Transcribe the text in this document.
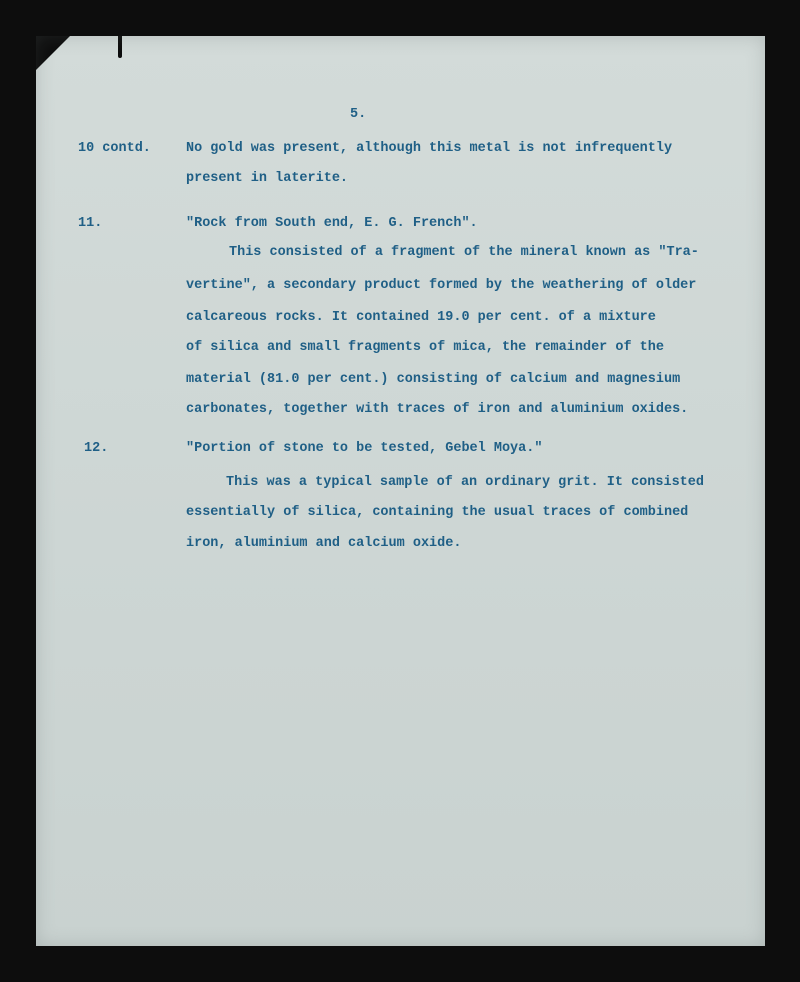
5.
10 contd.	No gold was present, although this metal is not infrequently
present in laterite.
11.	"Rock from South end, E. G. French".
This consisted of a fragment of the mineral known as "Tra-
vertine", a secondary product formed by the weathering of older
calcareous rocks. It contained 19.0 per cent. of a mixture
of silica and small fragments of mica, the remainder of the
material (81.0 per cent.) consisting of calcium and magnesium
carbonates, together with traces of iron and aluminium oxides.
12.	"Portion of stone to be tested, Gebel Moya."
This was a typical sample of an ordinary grit. It consisted
essentially of silica, containing the usual traces of combined
iron, aluminium and calcium oxide.
